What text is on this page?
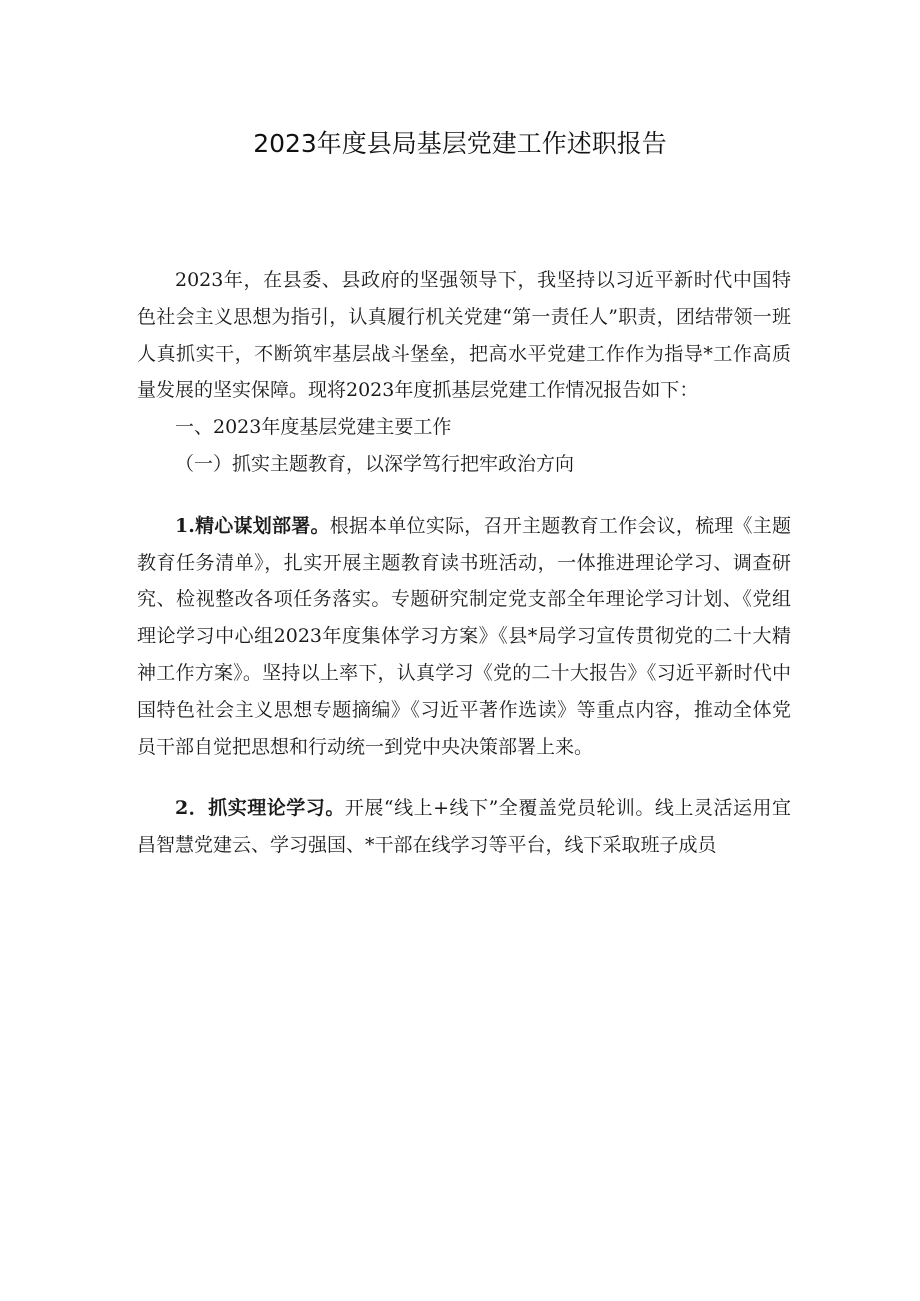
2023年度县局基层党建工作述职报告

2023年，在县委、县政府的坚强领导下，我坚持以习近平新时代中国特色社会主义思想为指引，认真履行机关党建“第一责任人”职责，团结带领一班人真抓实干，不断筑牢基层战斗堡垒，把高水平党建工作作为指导*工作高质量发展的坚实保障。现将2023年度抓基层党建工作情况报告如下：

一、2023年度基层党建主要工作

（一）抓实主题教育，以深学笃行把牢政治方向

1.精心谋划部署。根据本单位实际，召开主题教育工作会议，梳理《主题教育任务清单》，扎实开展主题教育读书班活动，一体推进理论学习、调查研究、检视整改各项任务落实。专题研究制定党支部全年理论学习计划、《党组理论学习中心组2023年度集体学习方案》《县*局学习宣传贯彻党的二十大精神工作方案》。坚持以上率下，认真学习《党的二十大报告》《习近平新时代中国特色社会主义思想专题摘编》《习近平著作选读》等重点内容，推动全体党员干部自觉把思想和行动统一到党中央决策部署上来。

2．抓实理论学习。开展“线上+线下”全覆盖党员轮训。线上灵活运用宜昌智慧党建云、学习强国、*干部在线学习等平台，线下采取班子成员
